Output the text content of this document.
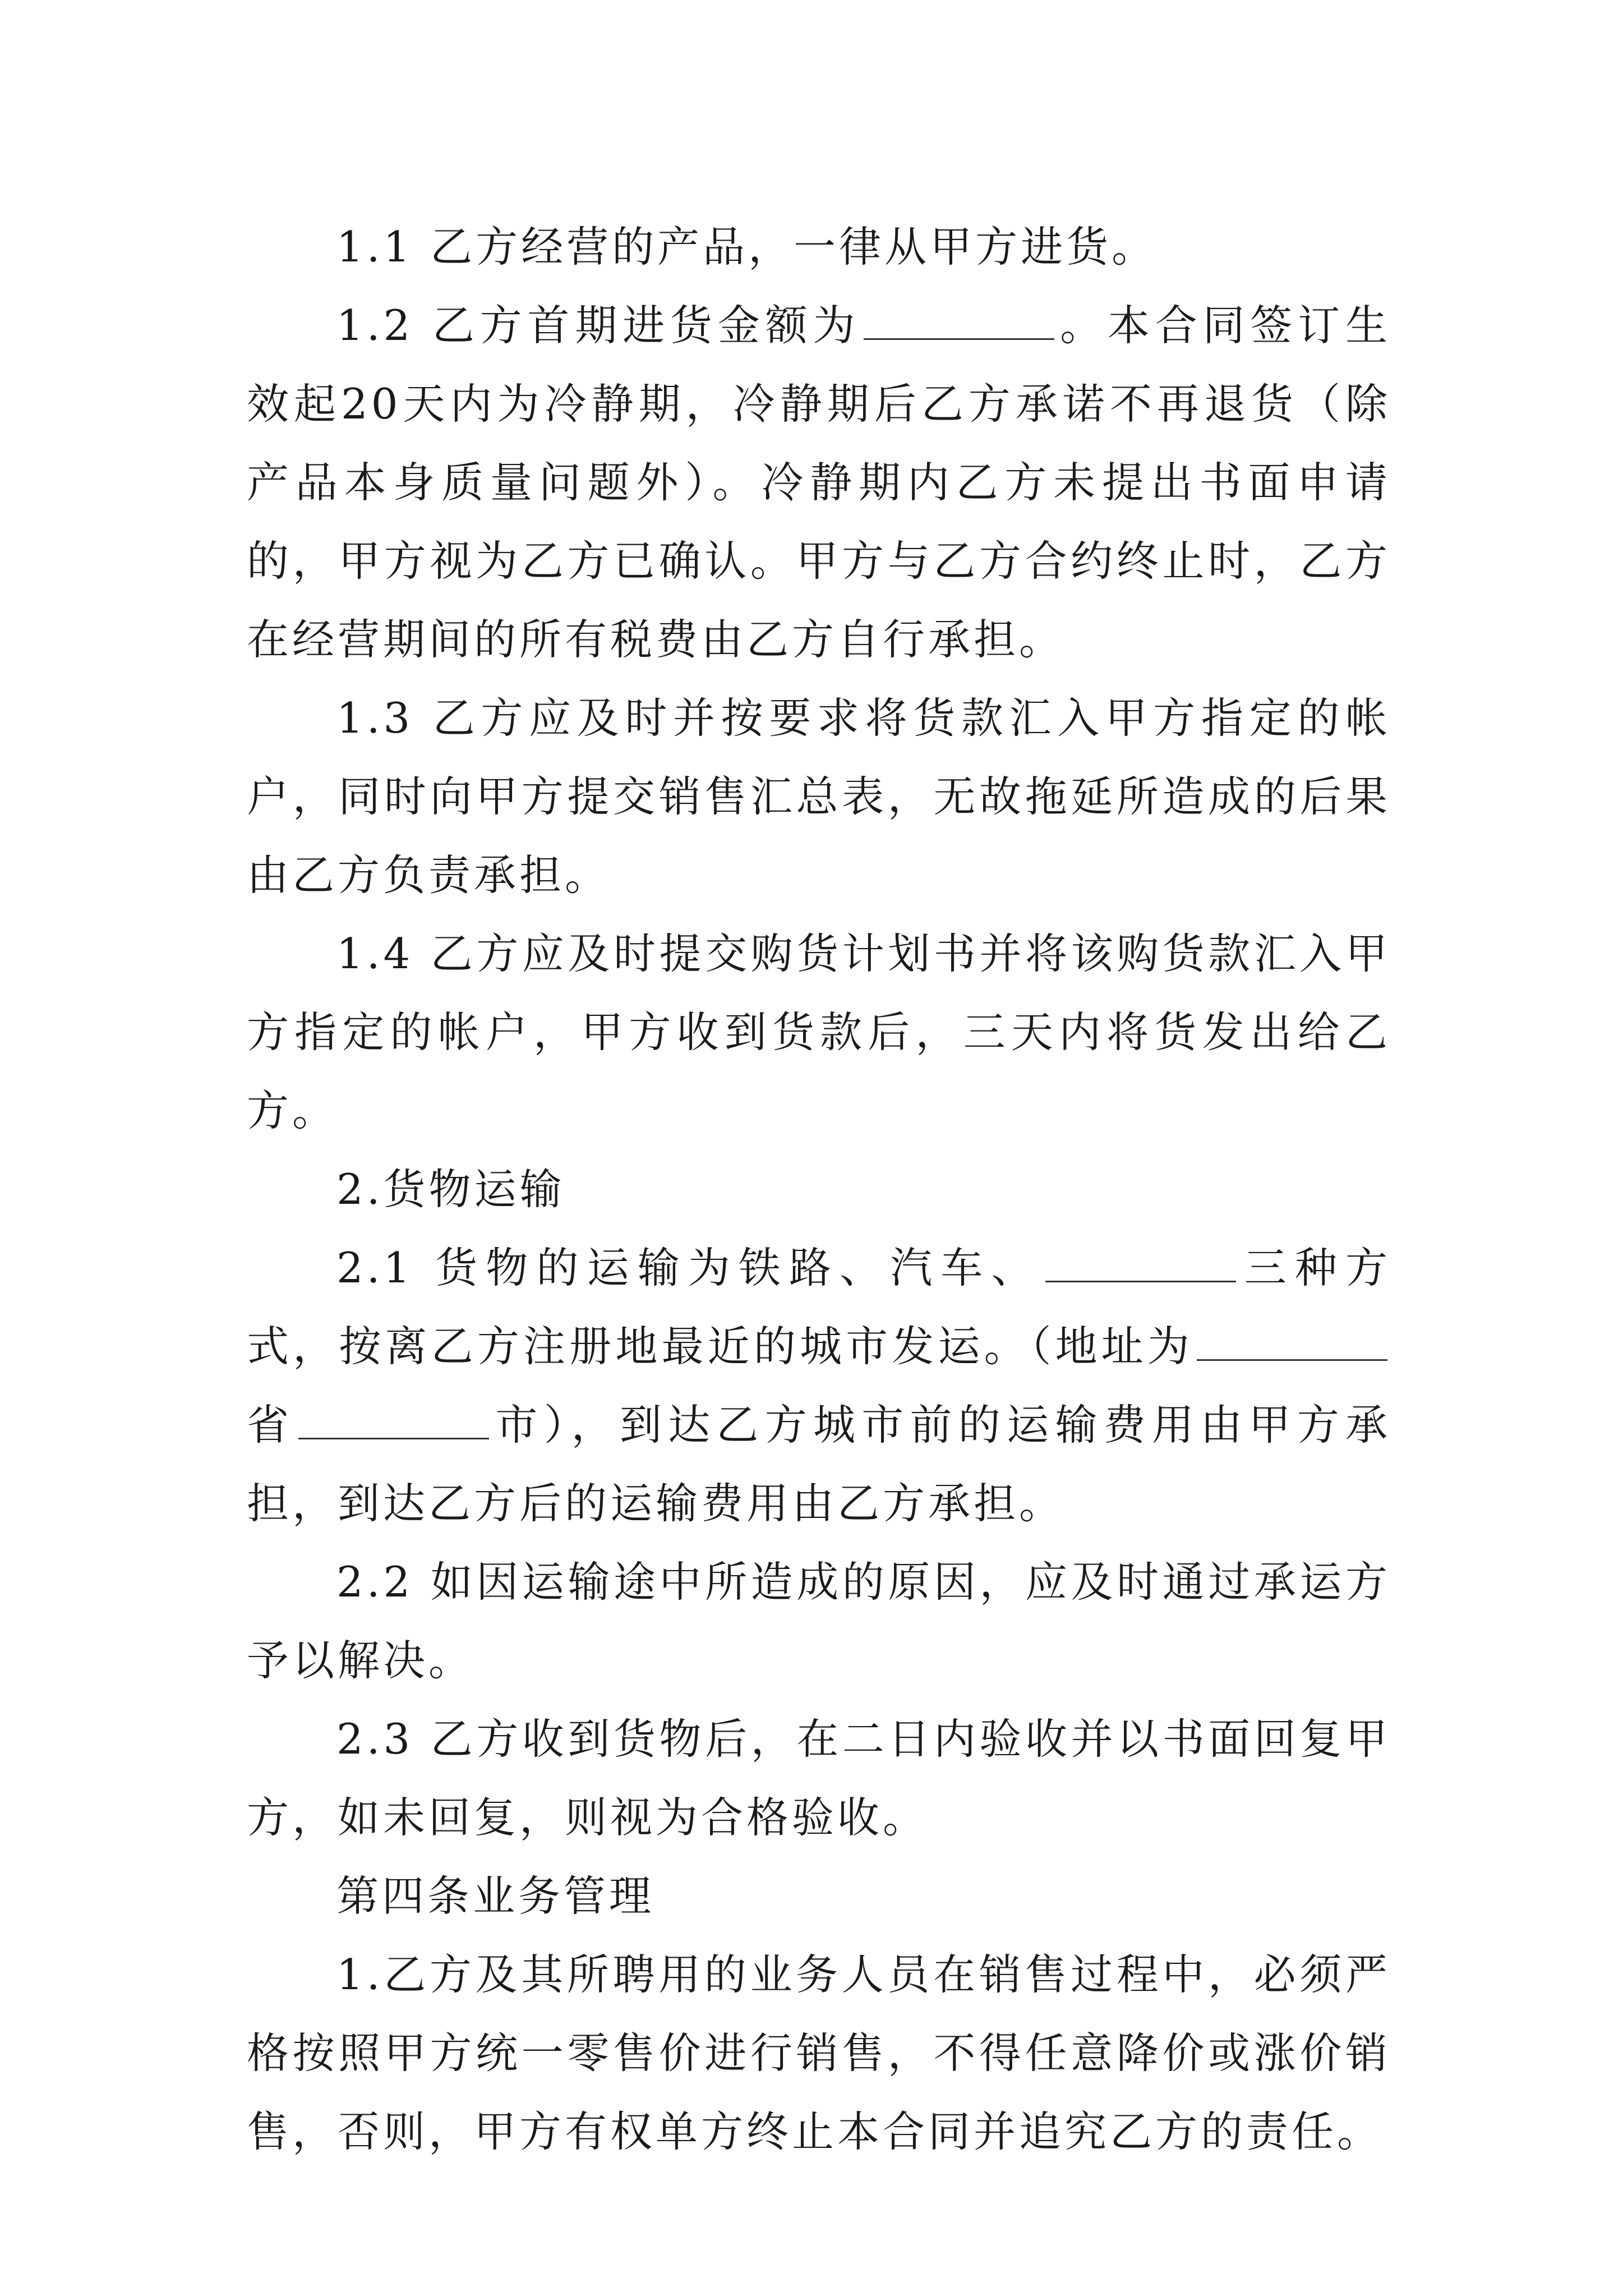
1.1 乙方经营的产品，一律从甲方进货。

1.2 乙方首期进货金额为	。本合同签订生效起20天内为冷静期，冷静期后乙方承诺不再退货（除产品本身质量问题外）。冷静期内乙方未提出书面申请的，甲方视为乙方已确认。甲方与乙方合约终止时，乙方在经营期间的所有税费由乙方自行承担。

1.3 乙方应及时并按要求将货款汇入甲方指定的帐户，同时向甲方提交销售汇总表，无故拖延所造成的后果由乙方负责承担。

1.4 乙方应及时提交购货计划书并将该购货款汇入甲方指定的帐户，甲方收到货款后，三天内将货发出给乙方。

2.货物运输

2.1 货物的运输为铁路、汽车、	三种方式，按离乙方注册地最近的城市发运。（地址为省	市），到达乙方城市前的运输费用由甲方承担，到达乙方后的运输费用由乙方承担。

2.2 如因运输途中所造成的原因，应及时通过承运方予以解决。

2.3 乙方收到货物后，在二日内验收并以书面回复甲方，如未回复，则视为合格验收。

第四条业务管理

1.乙方及其所聘用的业务人员在销售过程中，必须严格按照甲方统一零售价进行销售，不得任意降价或涨价销售，否则，甲方有权单方终止本合同并追究乙方的责任。
